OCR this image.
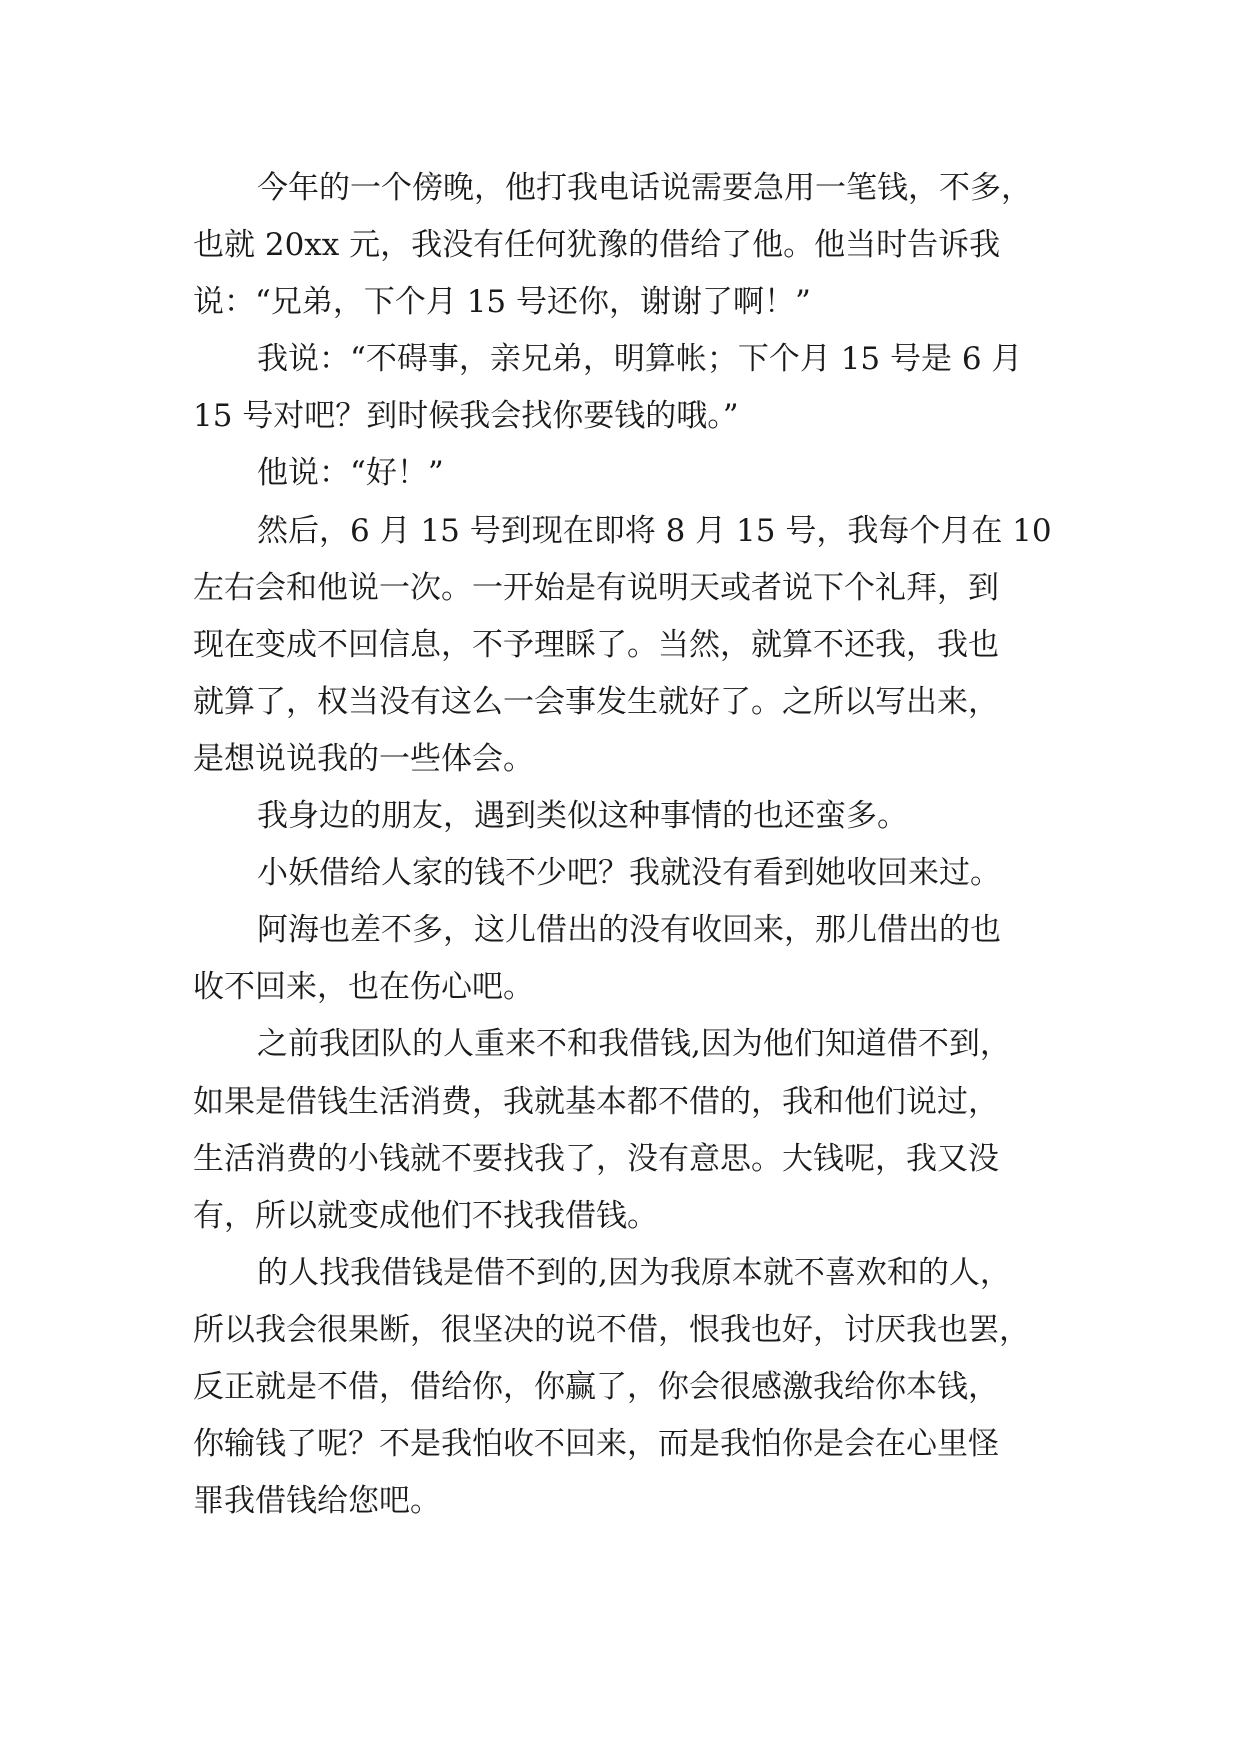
今年的一个傍晚，他打我电话说需要急用一笔钱，不多，
也就 20xx 元，我没有任何犹豫的借给了他。他当时告诉我
说：“兄弟，下个月 15 号还你，谢谢了啊！”
我说：“不碍事，亲兄弟，明算帐；下个月 15 号是 6 月
15 号对吧？到时候我会找你要钱的哦。”
他说：“好！”
然后，6 月 15 号到现在即将 8 月 15 号，我每个月在 10
左右会和他说一次。一开始是有说明天或者说下个礼拜，到
现在变成不回信息，不予理睬了。当然，就算不还我，我也
就算了，权当没有这么一会事发生就好了。之所以写出来，
是想说说我的一些体会。
我身边的朋友，遇到类似这种事情的也还蛮多。
小妖借给人家的钱不少吧？我就没有看到她收回来过。
阿海也差不多，这儿借出的没有收回来，那儿借出的也
收不回来，也在伤心吧。
之前我团队的人重来不和我借钱,因为他们知道借不到，
如果是借钱生活消费，我就基本都不借的，我和他们说过，
生活消费的小钱就不要找我了，没有意思。大钱呢，我又没
有，所以就变成他们不找我借钱。
的人找我借钱是借不到的,因为我原本就不喜欢和的人，
所以我会很果断，很坚决的说不借，恨我也好，讨厌我也罢，
反正就是不借，借给你，你赢了，你会很感激我给你本钱，
你输钱了呢？不是我怕收不回来，而是我怕你是会在心里怪
罪我借钱给您吧。
